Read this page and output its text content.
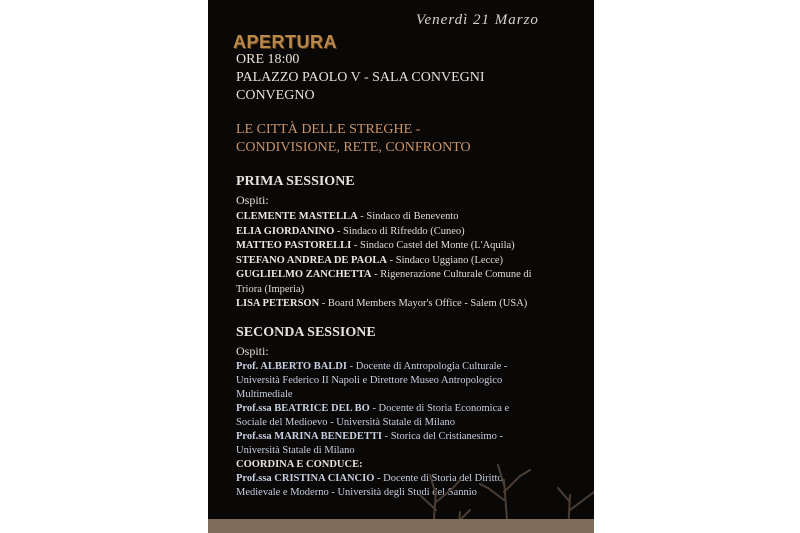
Venerdì 21 Marzo
APERTURA
ORE 18:00
PALAZZO PAOLO V - SALA CONVEGNI
CONVEGNO
LE CITTÀ DELLE STREGHE -
CONDIVISIONE, RETE, CONFRONTO
PRIMA SESSIONE
Ospiti:
CLEMENTE MASTELLA - Sindaco di Benevento
ELIA GIORDANINO - Sindaco di Rifreddo (Cuneo)
MATTEO PASTORELLI - Sindaco Castel del Monte (L'Aquila)
STEFANO ANDREA DE PAOLA - Sindaco Uggiano (Lecce)
GUGLIELMO ZANCHETTA - Rigenerazione Culturale Comune di
Triora (Imperia)
LISA PETERSON - Board Members Mayor's Office - Salem (USA)
SECONDA SESSIONE
Ospiti:
Prof. ALBERTO BALDI - Docente di Antropologia Culturale -
Università Federico II Napoli e Direttore Museo Antropologico
Multimediale
Prof.ssa BEATRICE DEL BO - Docente di Storia Economica e
Sociale del Medioevo - Università Statale di Milano
Prof.ssa MARINA BENEDETTI - Storica del Cristianesimo -
Università Statale di Milano
COORDINA E CONDUCE:
Prof.ssa CRISTINA CIANCIO - Docente di Storia del Diritto
Medievale e Moderno - Università degli Studi del Sannio
